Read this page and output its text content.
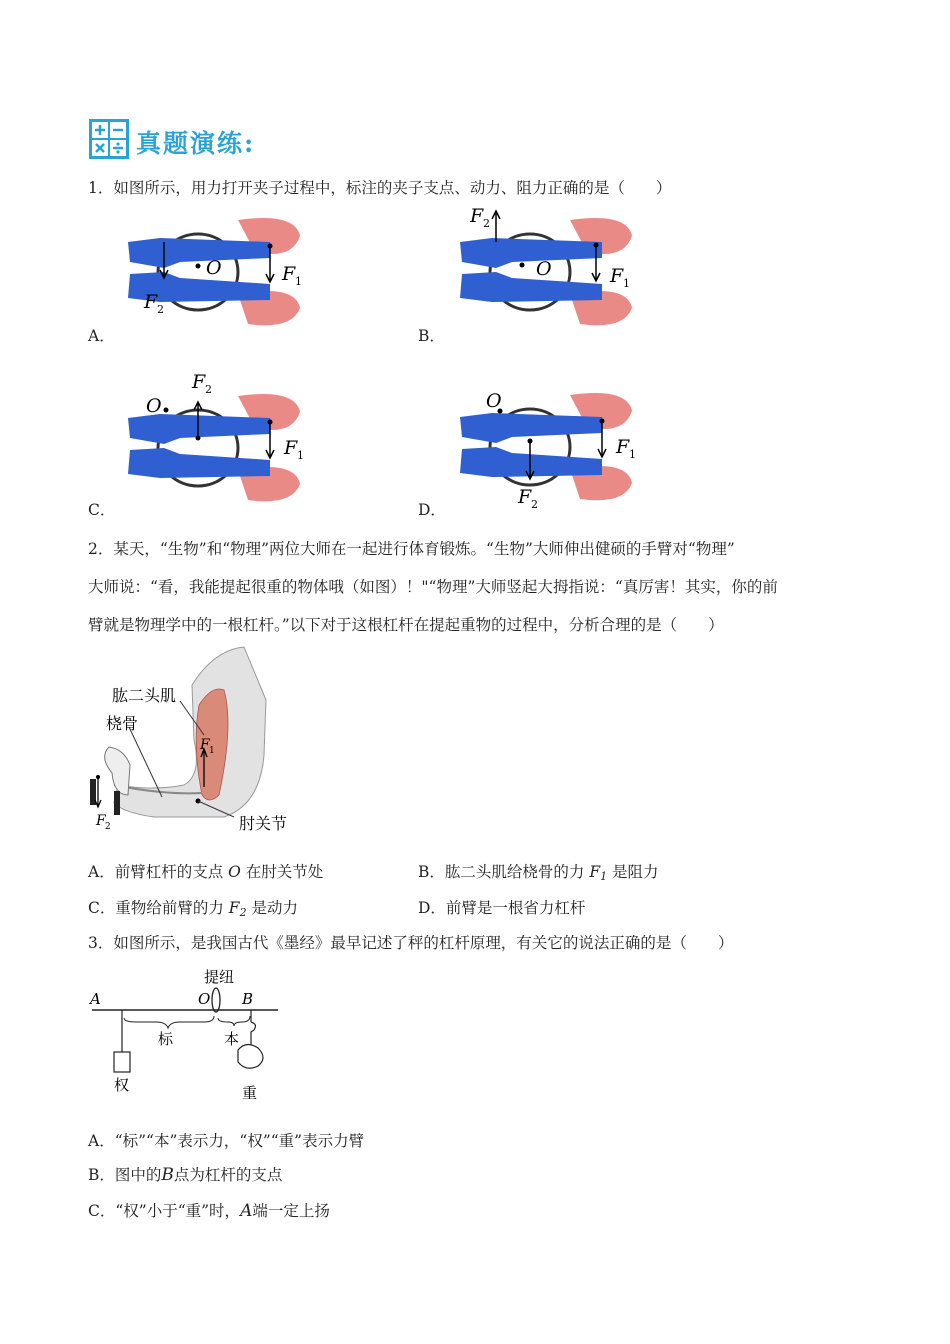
真题演练:
1．如图所示，用力打开夹子过程中，标注的夹子支点、动力、阻力正确的是（　　）
O	F 1
F 2
A．
O	F 1
F 2
B．
O
F 2
F 1
C．
O
F 1
F 2
D．
2．某天，“生物”和“物理”两位大师在一起进行体育锻炼。“生物”大师伸出健硕的手臂对“物理”
大师说：“看，我能提起很重的物体哦（如图）！"“物理”大师竖起大拇指说：“真厉害！其实，你的前
臂就是物理学中的一根杠杆。”以下对于这根杠杆在提起重物的过程中，分析合理的是（　　）
肱二头肌
桡骨
肘关节
F 1
F 2
A．前臂杠杆的支点 O 在肘关节处	B．肱二头肌给桡骨的力 $F_1$ 是阻力
C．重物给前臂的力 $F_2$ 是动力	D．前臂是一根省力杠杆
3．如图所示，是我国古代《墨经》最早记述了秤的杠杆原理，有关它的说法正确的是（　　）
A	O B
提纽
标	本
权	重
A．“标”“本”表示力，“权”“重”表示力臂
B．图中的B点为杠杆的支点
C．“权”小于“重”时，A端一定上扬
